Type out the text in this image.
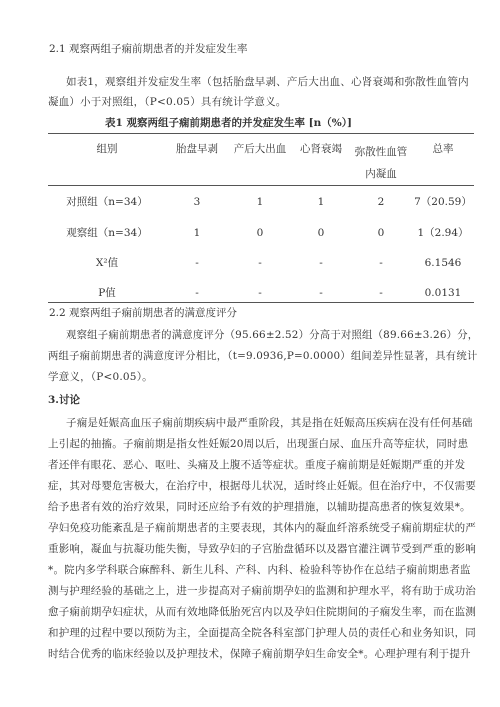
2.1 观察两组子痫前期患者的并发症发生率
如表1，观察组并发症发生率（包括胎盘早剥、产后大出血、心肾衰竭和弥散性血管内
凝血）小于对照组，（P<0.05）具有统计学意义。
表1 观察两组子痫前期患者的并发症发生率 [n（%）]
组别	胎盘早剥	产后大出血	心肾衰竭	弥散性血管内凝血	总率
对照组（n=34）	3	1	1	2	7（20.59）
观察组（n=34）	1	0	0	0	1（2.94）
X²值	-	-	-	-	6.1546
P值	-	-	-	-	0.0131
2.2 观察两组子痫前期患者的满意度评分
观察组子痫前期患者的满意度评分（95.66±2.52）分高于对照组（89.66±3.26）分，
两组子痫前期患者的满意度评分相比，（t=9.0936,P=0.0000）组间差异性显著，具有统计
学意义，（P<0.05）。
3.讨论
子痫是妊娠高血压子痫前期疾病中最严重阶段，其是指在妊娠高压疾病在没有任何基础
上引起的抽搐。子痫前期是指女性妊娠20周以后，出现蛋白尿、血压升高等症状，同时患
者还伴有眼花、恶心、呕吐、头痛及上腹不适等症状。重度子痫前期是妊娠期严重的并发
症，其对母婴危害极大，在治疗中，根据母儿状况，适时终止妊娠。但在治疗中，不仅需要
给予患者有效的治疗效果，同时还应给予有效的护理措施，以辅助提高患者的恢复效果*。
孕妇免疫功能紊乱是子痫前期患者的主要表现，其体内的凝血纤溶系统受子痫前期症状的严
重影响，凝血与抗凝功能失衡，导致孕妇的子宫胎盘循环以及器官灌注调节受到严重的影响
*。院内多学科联合麻醉科、新生儿科、产科、内科、检验科等协作在总结子痫前期患者监
测与护理经验的基础之上，进一步提高对子痫前期孕妇的监测和护理水平，将有助于成功治
愈子痫前期孕妇症状，从而有效地降低胎死宫内以及孕妇住院期间的子痫发生率，而在监测
和护理的过程中要以预防为主，全面提高全院各科室部门护理人员的责任心和业务知识，同
时结合优秀的临床经验以及护理技术，保障子痫前期孕妇生命安全*。心理护理有利于提升
